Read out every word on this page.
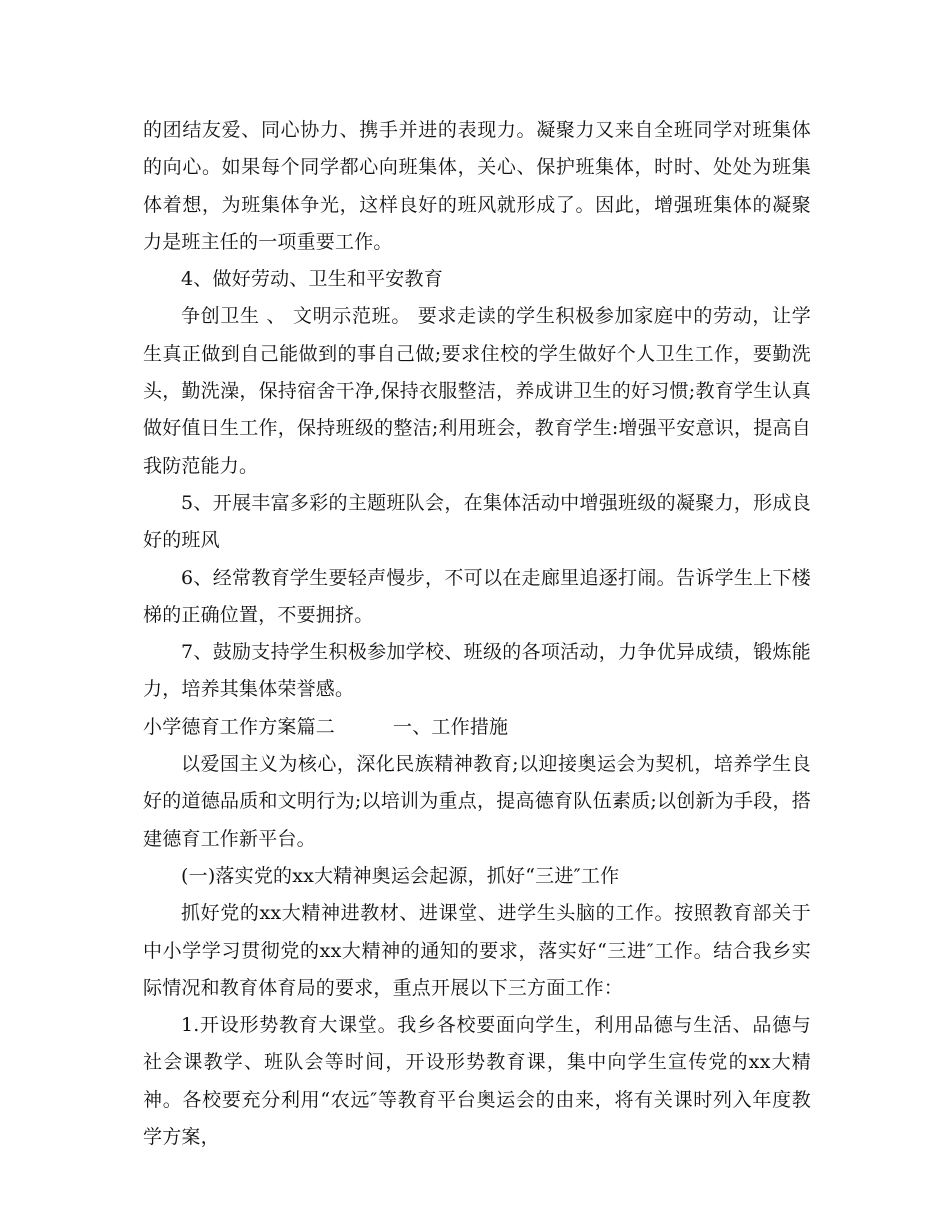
的团结友爱、同心协力、携手并进的表现力。凝聚力又来自全班同学对班集体的向心。如果每个同学都心向班集体，关心、保护班集体，时时、处处为班集体着想，为班集体争光，这样良好的班风就形成了。因此，增强班集体的凝聚力是班主任的一项重要工作。

4、做好劳动、卫生和平安教育

争创卫生 、 文明示范班。 要求走读的学生积极参加家庭中的劳动，让学生真正做到自己能做到的事自己做;要求住校的学生做好个人卫生工作，要勤洗头，勤洗澡，保持宿舍干净,保持衣服整洁，养成讲卫生的好习惯;教育学生认真做好值日生工作，保持班级的整洁;利用班会，教育学生:增强平安意识，提高自我防范能力。

5、开展丰富多彩的主题班队会，在集体活动中增强班级的凝聚力，形成良好的班风

6、经常教育学生要轻声慢步，不可以在走廊里追逐打闹。告诉学生上下楼梯的正确位置，不要拥挤。

7、鼓励支持学生积极参加学校、班级的各项活动，力争优异成绩，锻炼能力，培养其集体荣誉感。

小学德育工作方案篇二	一、工作措施

以爱国主义为核心，深化民族精神教育;以迎接奥运会为契机，培养学生良好的道德品质和文明行为;以培训为重点，提高德育队伍素质;以创新为手段，搭建德育工作新平台。

(一)落实党的xx大精神奥运会起源，抓好“三进″工作

抓好党的xx大精神进教材、进课堂、进学生头脑的工作。按照教育部关于中小学学习贯彻党的xx大精神的通知的要求，落实好“三进″工作。结合我乡实际情况和教育体育局的要求，重点开展以下三方面工作：

1.开设形势教育大课堂。我乡各校要面向学生，利用品德与生活、品德与社会课教学、班队会等时间，开设形势教育课，集中向学生宣传党的xx大精神。各校要充分利用“农远″等教育平台奥运会的由来，将有关课时列入年度教学方案，
